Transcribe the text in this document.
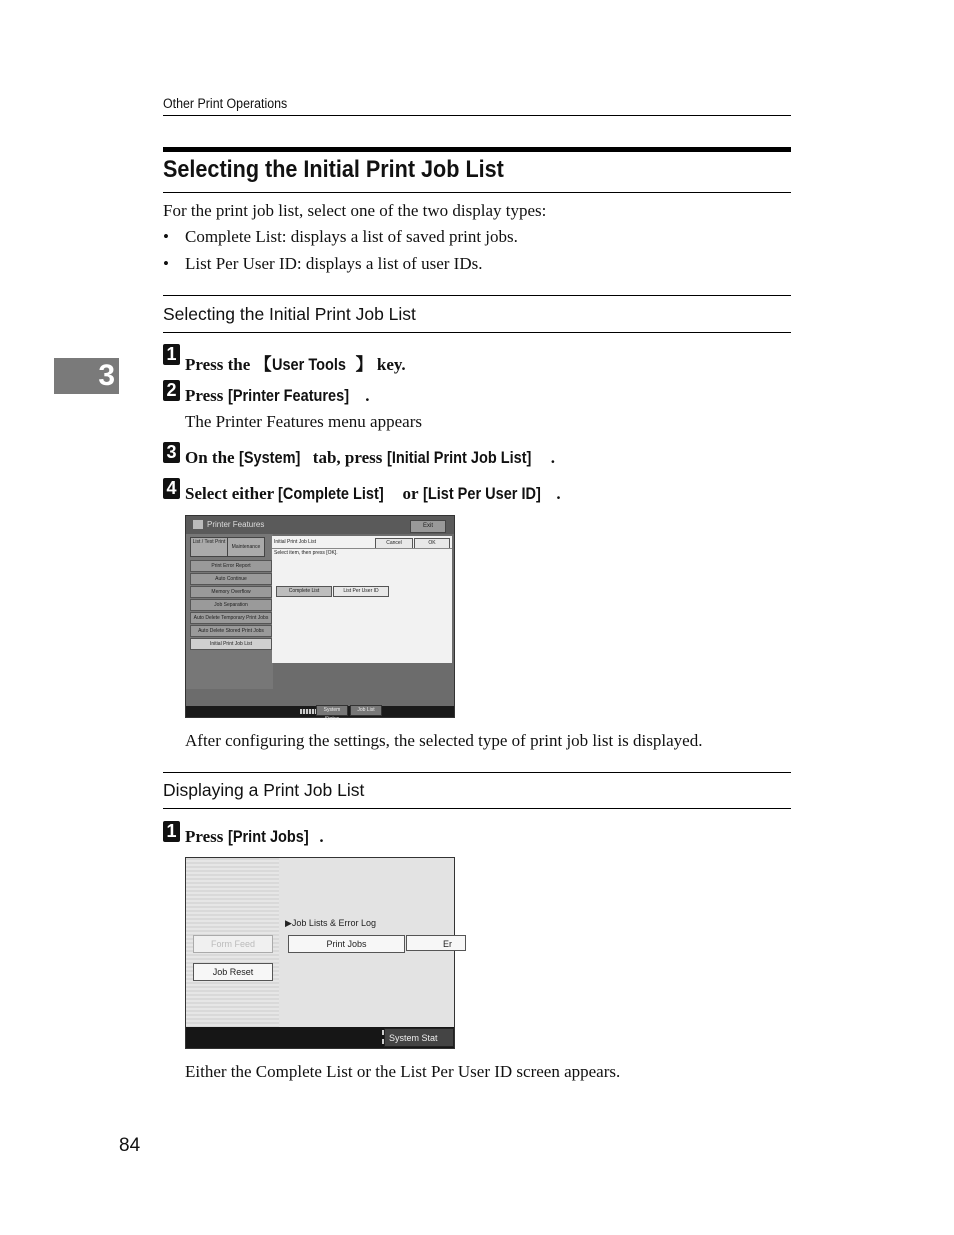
Other Print Operations
3
Selecting the Initial Print Job List
For the print job list, select one of the two display types:
• Complete List: displays a list of saved print jobs.
• List Per User ID: displays a list of user IDs.
Selecting the Initial Print Job List
1
Press the 【User Tools 】 key.
2 Press [Printer Features] .
The Printer Features menu appears
3 On the [System] tab, press [Initial Print Job List] .
4 Select either [Complete List] or [List Per User ID] .
Printer Features	Exit
List / Test Print
Maintenance
Print Error Report
Auto Continue
Memory Overflow
Job Separation
Auto Delete Temporary Print Jobs
Auto Delete Stored Print Jobs
Initial Print Job List
Initial Print Job List	Cancel	OK
Select item, then press [OK].
Complete List	List Per User ID
System Status
Job List
After configuring the settings, the selected type of print job list is displayed.
Displaying a Print Job List
1 Press [Print Jobs] .
▶Job Lists & Error Log
Form Feed	Print Jobs	Er
Job Reset
System Stat
Either the Complete List or the List Per User ID screen appears.
84
